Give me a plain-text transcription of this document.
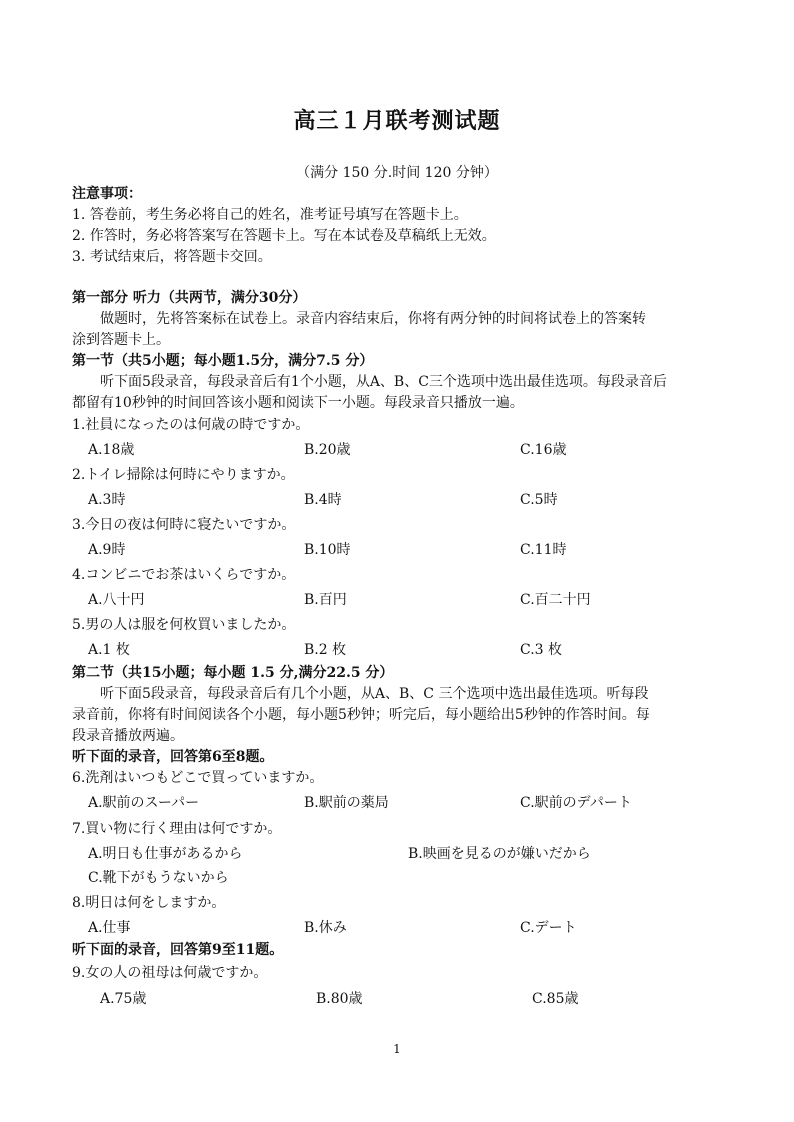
高三１月联考测试题
（满分 150 分.时间 120 分钟）
注意事项：
1. 答卷前，考生务必将自己的姓名，准考证号填写在答题卡上。
2. 作答时，务必将答案写在答题卡上。写在本试卷及草稿纸上无效。
3. 考试结束后，将答题卡交回。
第一部分 听力（共两节，满分30分）
做题时，先将答案标在试卷上。录音内容结束后，你将有两分钟的时间将试卷上的答案转
涂到答题卡上。
第一节（共5小题；每小题1.5分，满分7.5 分）
听下面5段录音，每段录音后有1个小题，从A、B、C三个选项中选出最佳选项。每段录音后
都留有10秒钟的时间回答该小题和阅读下一小题。每段录音只播放一遍。
1.社員になったのは何歳の時ですか。
A.18歳	B.20歳	C.16歳
2.トイレ掃除は何時にやりますか。
A.3時	B.4時	C.5時
3.今日の夜は何時に寝たいですか。
A.9時	B.10時	C.11時
4.コンビニでお茶はいくらですか。
A.八十円	B.百円	C.百二十円
5.男の人は服を何枚買いましたか。
A.1 枚	B.2 枚	C.3 枚
第二节（共15小题；每小题 1.5 分,满分22.5 分）
听下面5段录音，每段录音后有几个小题，从A、B、C 三个选项中选出最佳选项。听每段
录音前，你将有时间阅读各个小题，每小题5秒钟；听完后，每小题给出5秒钟的作答时间。每
段录音播放两遍。
听下面的录音，回答第6至8题。
6.洗剤はいつもどこで買っていますか。
A.駅前のスーパー	B.駅前の薬局	C.駅前のデパート
7.買い物に行く理由は何ですか。
A.明日も仕事があるから	B.映画を見るのが嫌いだから
C.靴下がもうないから
8.明日は何をしますか。
A.仕事	B.休み	C.デート
听下面的录音，回答第9至11题。
9.女の人の祖母は何歳ですか。
A.75歳	B.80歳	C.85歳
1
